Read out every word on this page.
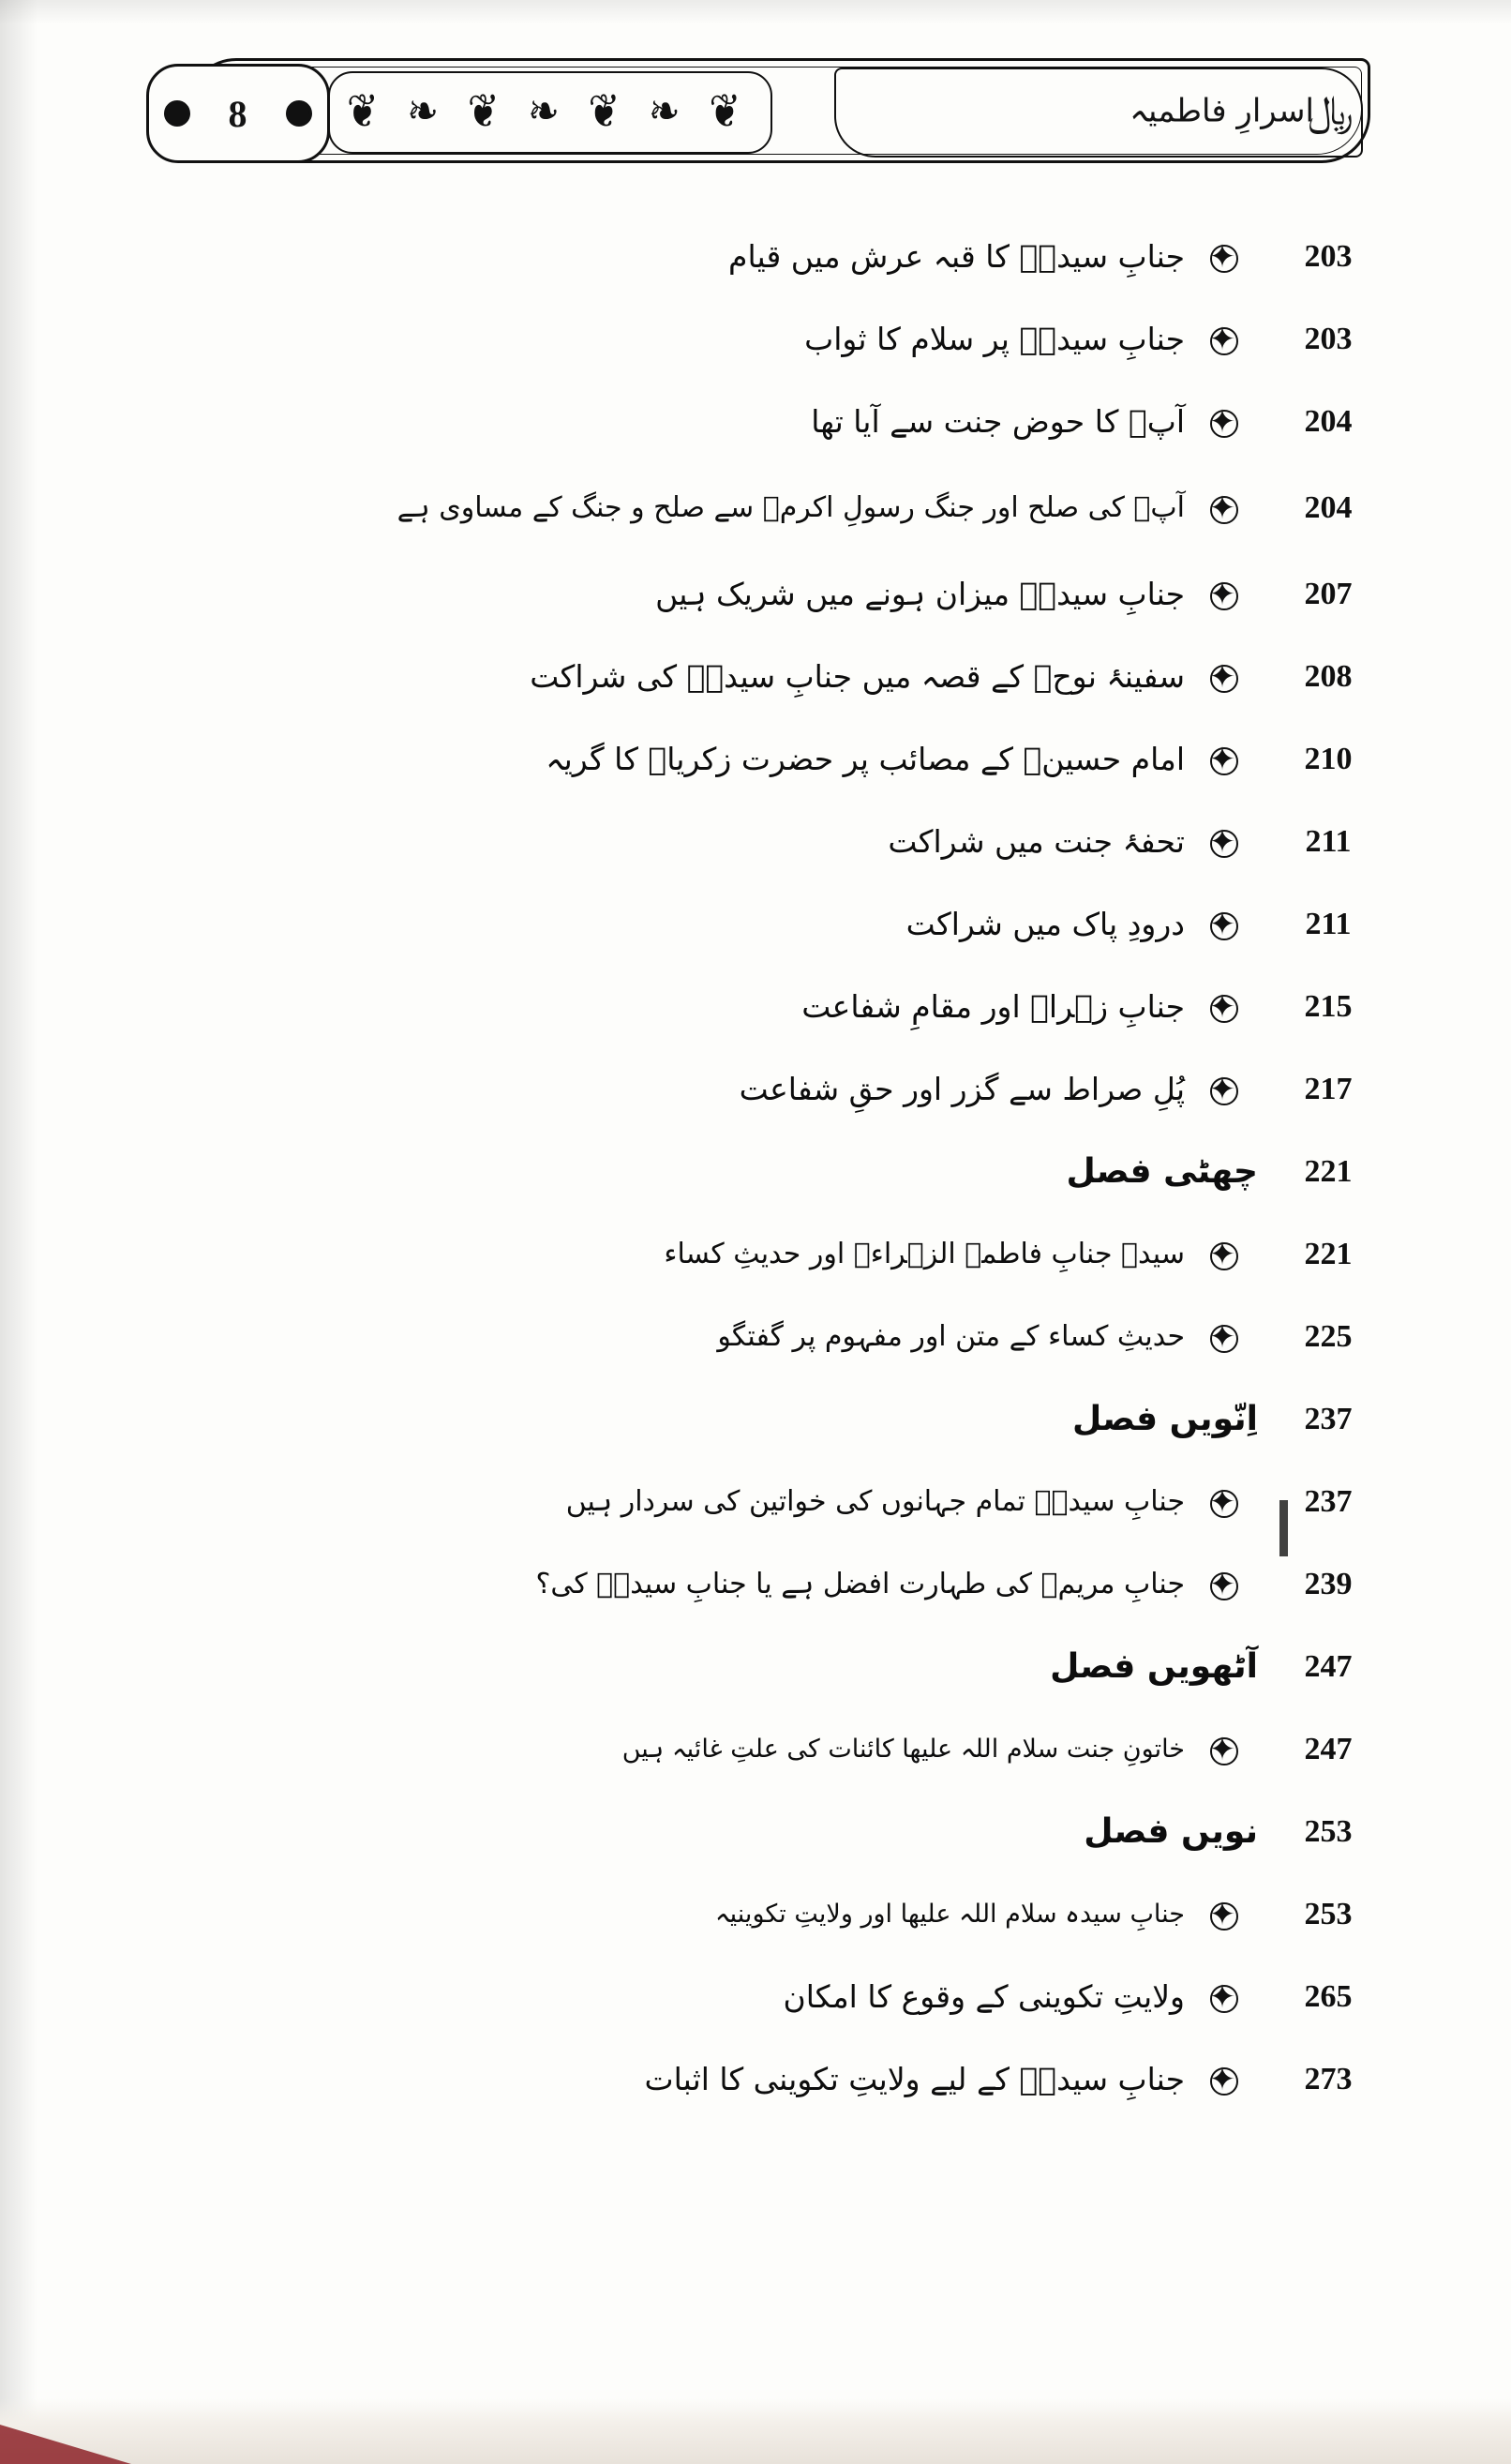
❦ ❧ ❦ ❧ ❦ ❧ ❦
8	اسرارِ فاطمیہ
﷼
203
✦
جنابِ سیدہؑ کا قبہ عرش میں قیام
203
✦
جنابِ سیدہؑ پر سلام کا ثواب
204
✦
آپؑ کا حوض جنت سے آیا تھا
204
✦
آپؑ کی صلح اور جنگ رسولِ اکرمؐ سے صلح و جنگ کے مساوی ہے
207
✦
جنابِ سیدہؑ میزان ہونے میں شریک ہیں
208
✦
سفینۂ نوحؑ کے قصہ میں جنابِ سیدہؑ کی شراکت
210
✦
امام حسینؑ کے مصائب پر حضرت زکریاؑ کا گریہ
211
✦
تحفۂ جنت میں شراکت
211
✦
درودِ پاک میں شراکت
215
✦
جنابِ زہراؑ اور مقامِ شفاعت
217
✦
پُلِ صراط سے گزر اور حقِ شفاعت
221
چھٹی فصل
221
✦
سیدہ جنابِ فاطمۃ الزہراءؑ اور حدیثِ کساء
225
✦
حدیثِ کساء کے متن اور مفہوم پر گفتگو
237
اِنّویں فصل
237
✦
جنابِ سیدہؑ تمام جہانوں کی خواتین کی سردار ہیں
239
✦
جنابِ مریمؑ کی طہارت افضل ہے یا جنابِ سیدہؑ کی؟
247
آٹھویں فصل
247
✦
خاتونِ جنت سلام اللہ علیھا کائنات کی علتِ غائیہ ہیں
253
نویں فصل
253
✦
جنابِ سیدہ سلام اللہ علیھا اور ولایتِ تکوینیہ
265
✦
ولایتِ تکوینی کے وقوع کا امکان
273
✦
جنابِ سیدہؑ کے لیے ولایتِ تکوینی کا اثبات
